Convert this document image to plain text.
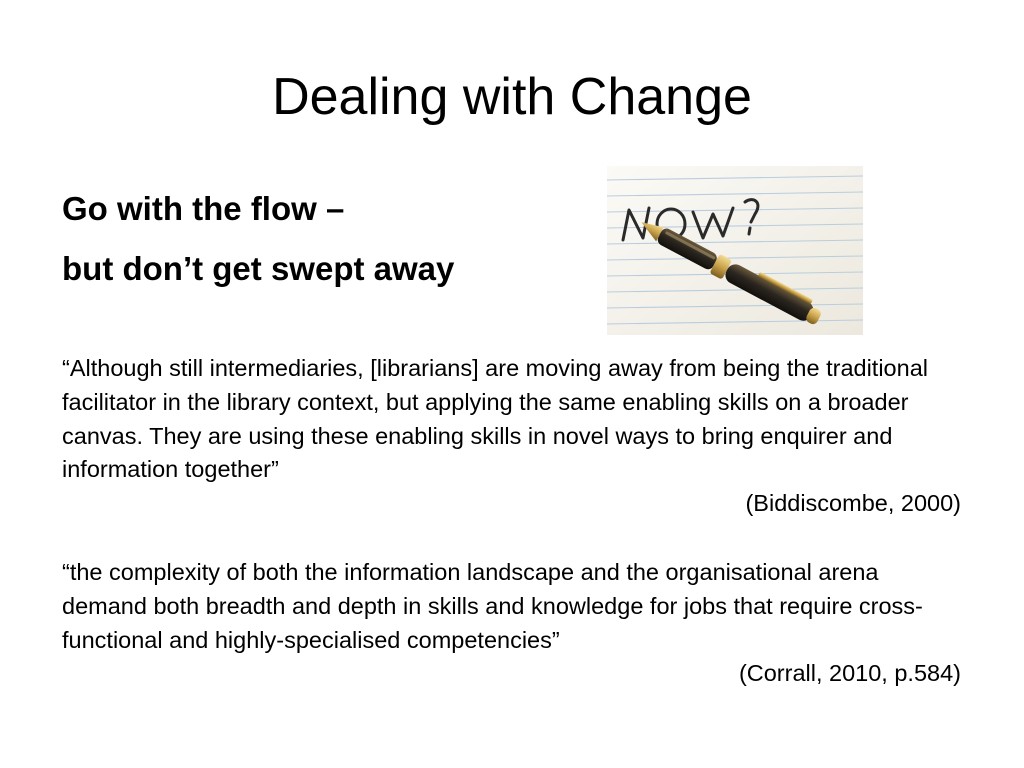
Dealing with Change

Go with the flow –

but don’t get swept away

“Although still intermediaries, [librarians] are moving away from being the traditional facilitator in the library context, but applying the same enabling skills on a broader canvas. They are using these enabling skills in novel ways to bring enquirer and information together”
(Biddiscombe, 2000)
“the complexity of both the information landscape and the organisational arena demand both breadth and depth in skills and knowledge for jobs that require cross-functional and highly-specialised competencies”
(Corrall, 2010, p.584)
